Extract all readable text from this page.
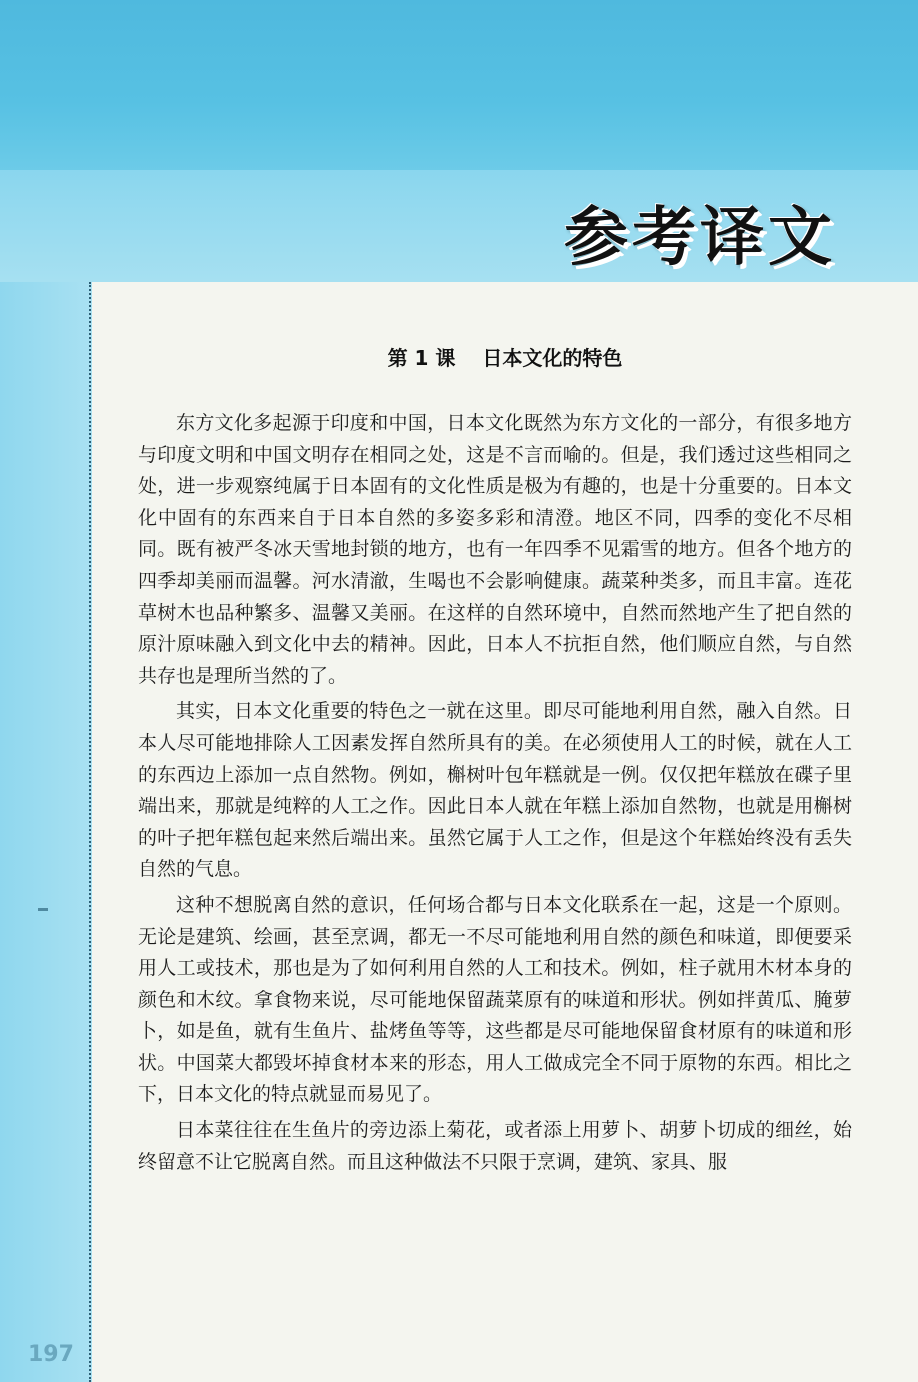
参考译文
第 1 课　 日本文化的特色

东方文化多起源于印度和中国，日本文化既然为东方文化的一部分，有很多地方与印度文明和中国文明存在相同之处，这是不言而喻的。但是，我们透过这些相同之处，进一步观察纯属于日本固有的文化性质是极为有趣的，也是十分重要的。日本文化中固有的东西来自于日本自然的多姿多彩和清澄。地区不同，四季的变化不尽相同。既有被严冬冰天雪地封锁的地方，也有一年四季不见霜雪的地方。但各个地方的四季却美丽而温馨。河水清澈，生喝也不会影响健康。蔬菜种类多，而且丰富。连花草树木也品种繁多、温馨又美丽。在这样的自然环境中，自然而然地产生了把自然的原汁原味融入到文化中去的精神。因此，日本人不抗拒自然，他们顺应自然，与自然共存也是理所当然的了。

其实，日本文化重要的特色之一就在这里。即尽可能地利用自然，融入自然。日本人尽可能地排除人工因素发挥自然所具有的美。在必须使用人工的时候，就在人工的东西边上添加一点自然物。例如，槲树叶包年糕就是一例。仅仅把年糕放在碟子里端出来，那就是纯粹的人工之作。因此日本人就在年糕上添加自然物，也就是用槲树的叶子把年糕包起来然后端出来。虽然它属于人工之作，但是这个年糕始终没有丢失自然的气息。

这种不想脱离自然的意识，任何场合都与日本文化联系在一起，这是一个原则。无论是建筑、绘画，甚至烹调，都无一不尽可能地利用自然的颜色和味道，即便要采用人工或技术，那也是为了如何利用自然的人工和技术。例如，柱子就用木材本身的颜色和木纹。拿食物来说，尽可能地保留蔬菜原有的味道和形状。例如拌黄瓜、腌萝卜，如是鱼，就有生鱼片、盐烤鱼等等，这些都是尽可能地保留食材原有的味道和形状。中国菜大都毁坏掉食材本来的形态，用人工做成完全不同于原物的东西。相比之下，日本文化的特点就显而易见了。

日本菜往往在生鱼片的旁边添上菊花，或者添上用萝卜、胡萝卜切成的细丝，始终留意不让它脱离自然。而且这种做法不只限于烹调，建筑、家具、服

197
